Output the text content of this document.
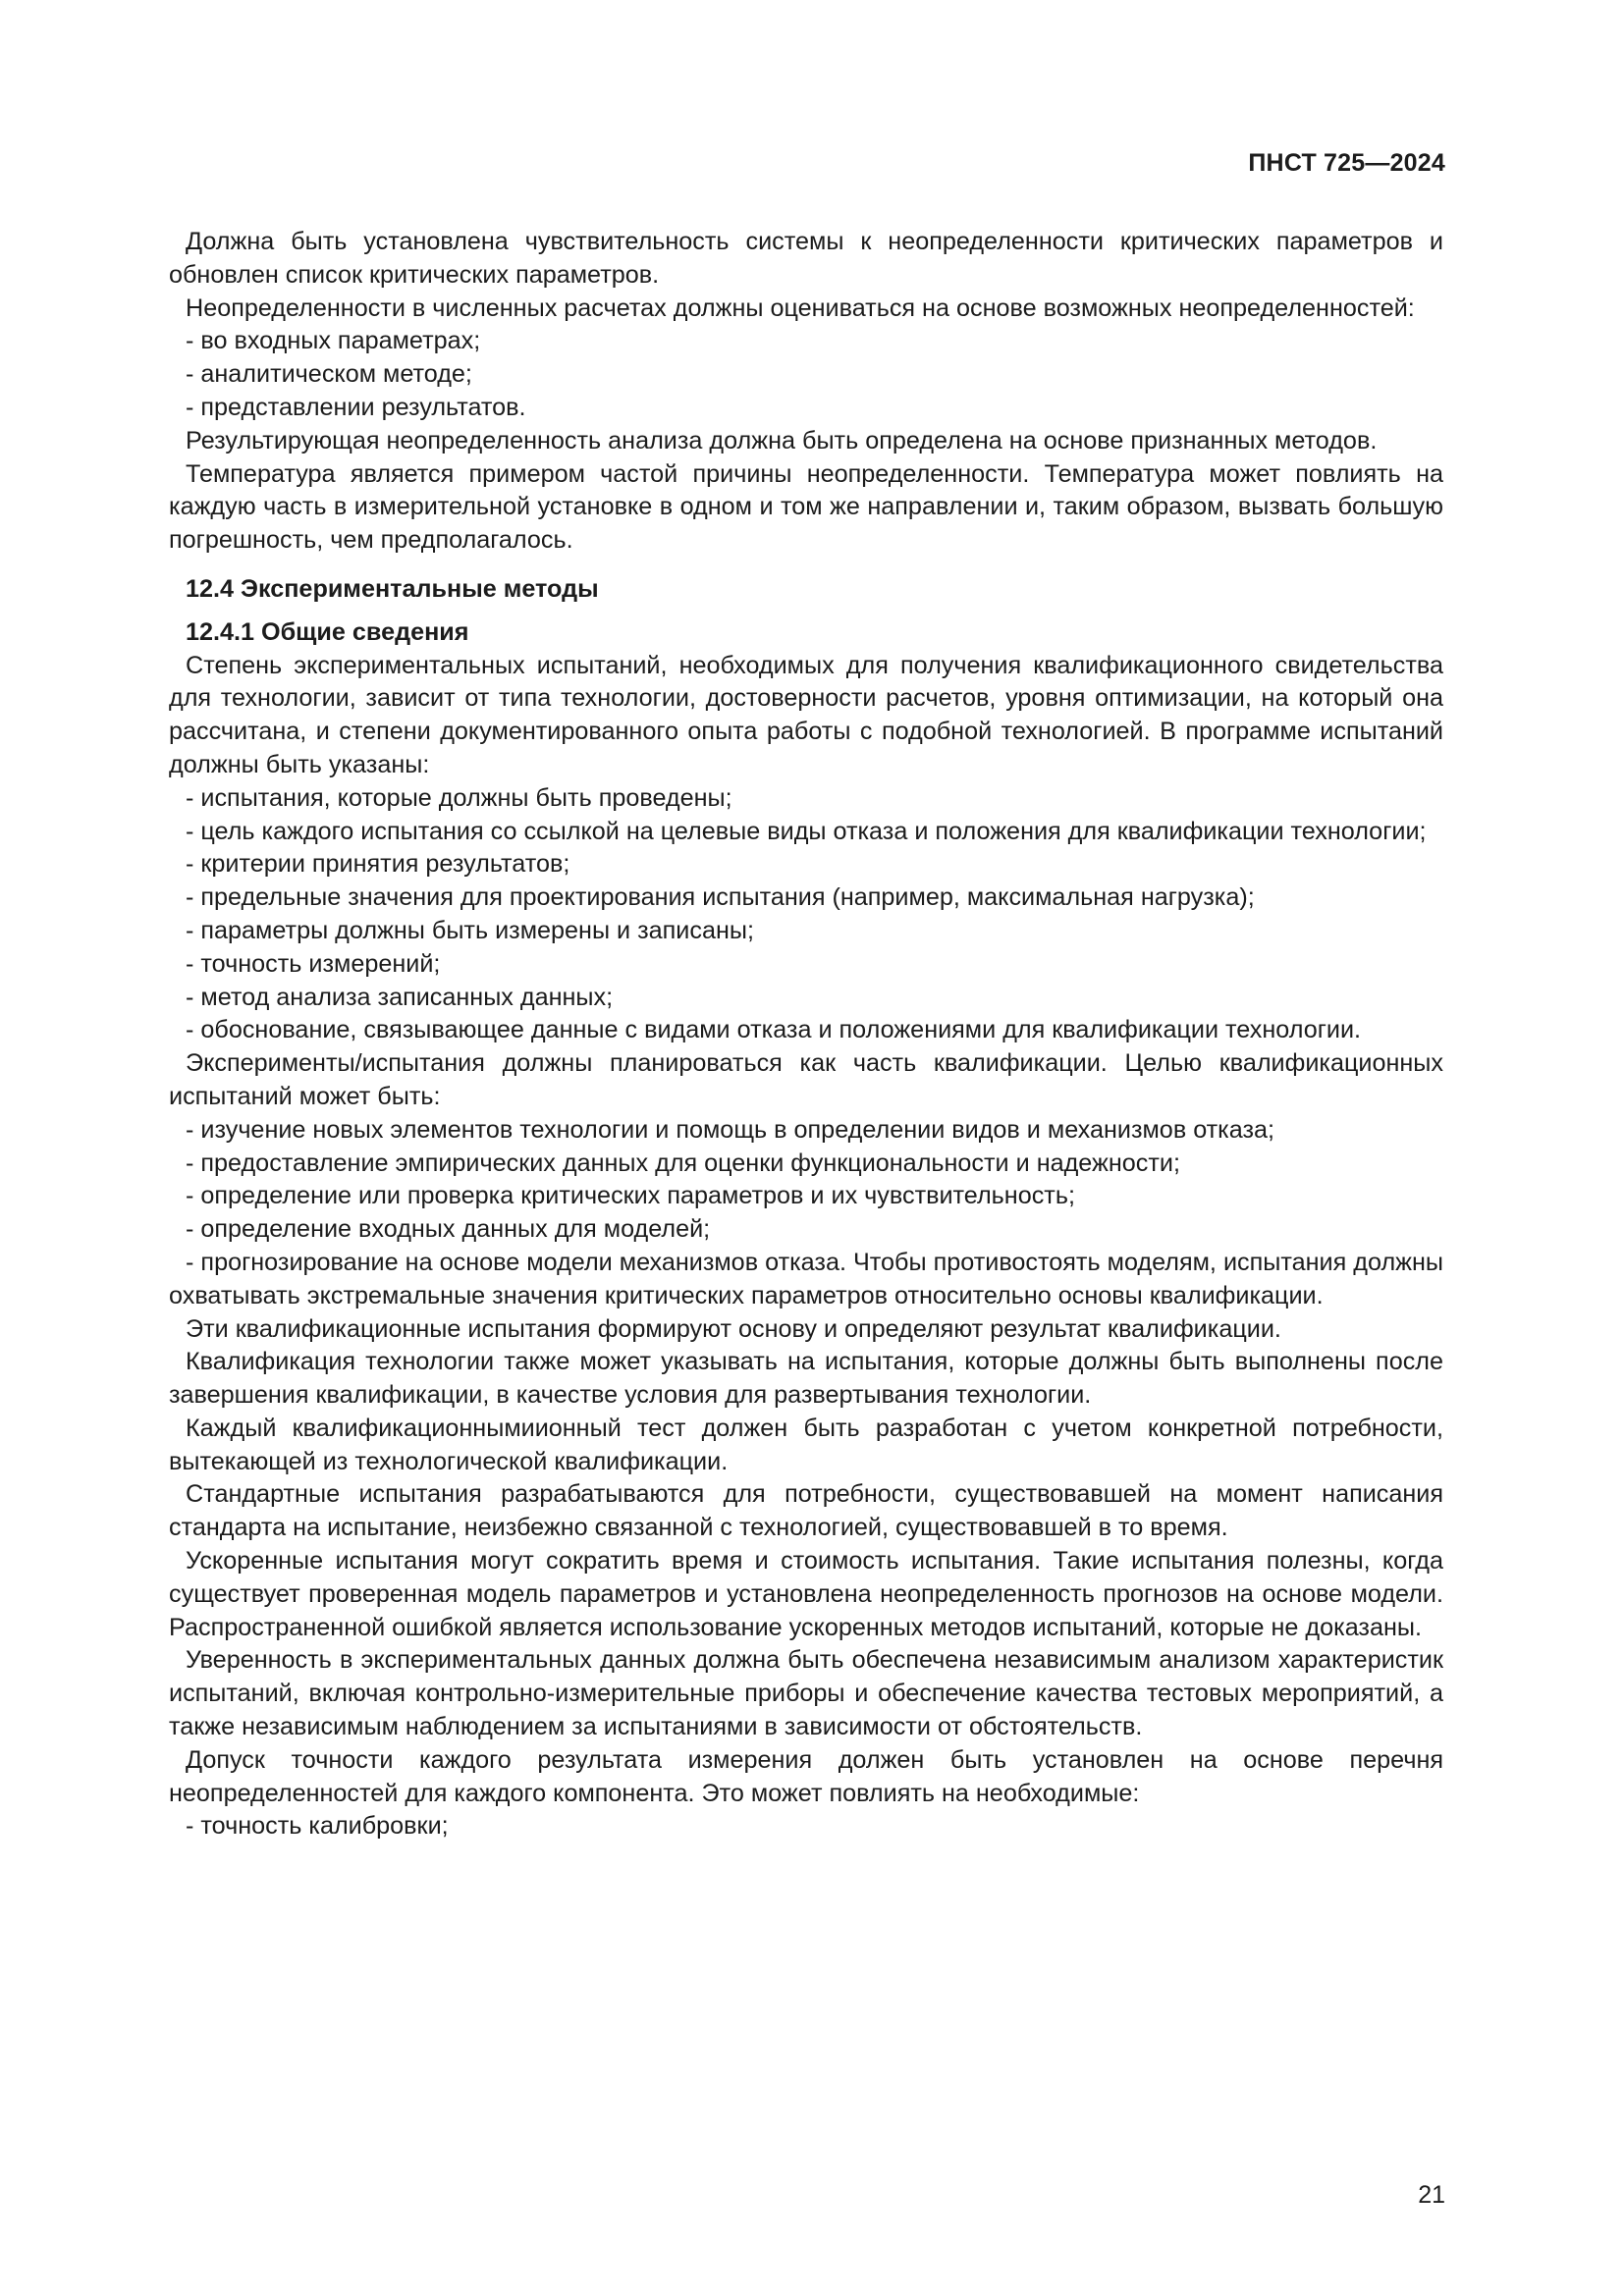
ПНСТ 725—2024

Должна быть установлена чувствительность системы к неопределенности критических параметров и обновлен список критических параметров.

Неопределенности в численных расчетах должны оцениваться на основе возможных неопределенностей:

- во входных параметрах;

- аналитическом методе;

- представлении результатов.

Результирующая неопределенность анализа должна быть определена на основе признанных методов.

Температура является примером частой причины неопределенности. Температура может повлиять на каждую часть в измерительной установке в одном и том же направлении и, таким образом, вызвать большую погрешность, чем предполагалось.

12.4 Экспериментальные методы
12.4.1 Общие сведения

Степень экспериментальных испытаний, необходимых для получения квалификационного свидетельства для технологии, зависит от типа технологии, достоверности расчетов, уровня оптимизации, на который она рассчитана, и степени документированного опыта работы с подобной технологией. В программе испытаний должны быть указаны:

- испытания, которые должны быть проведены;

- цель каждого испытания со ссылкой на целевые виды отказа и положения для квалификации технологии;

- критерии принятия результатов;

- предельные значения для проектирования испытания (например, максимальная нагрузка);

- параметры должны быть измерены и записаны;

- точность измерений;

- метод анализа записанных данных;

- обоснование, связывающее данные с видами отказа и положениями для квалификации технологии.

Эксперименты/испытания должны планироваться как часть квалификации. Целью квалификационных испытаний может быть:

- изучение новых элементов технологии и помощь в определении видов и механизмов отказа;

- предоставление эмпирических данных для оценки функциональности и надежности;

- определение или проверка критических параметров и их чувствительность;

- определение входных данных для моделей;

- прогнозирование на основе модели механизмов отказа. Чтобы противостоять моделям, испытания должны охватывать экстремальные значения критических параметров относительно основы квалификации.

Эти квалификационные испытания формируют основу и определяют результат квалификации.

Квалификация технологии также может указывать на испытания, которые должны быть выполнены после завершения квалификации, в качестве условия для развертывания технологии.

Каждый квалификационнымиионный тест должен быть разработан с учетом конкретной потребности, вытекающей из технологической квалификации.

Стандартные испытания разрабатываются для потребности, существовавшей на момент написания стандарта на испытание, неизбежно связанной с технологией, существовавшей в то время.

Ускоренные испытания могут сократить время и стоимость испытания. Такие испытания полезны, когда существует проверенная модель параметров и установлена неопределенность прогнозов на основе модели. Распространенной ошибкой является использование ускоренных методов испытаний, которые не доказаны.

Уверенность в экспериментальных данных должна быть обеспечена независимым анализом характеристик испытаний, включая контрольно-измерительные приборы и обеспечение качества тестовых мероприятий, а также независимым наблюдением за испытаниями в зависимости от обстоятельств.

Допуск точности каждого результата измерения должен быть установлен на основе перечня неопределенностей для каждого компонента. Это может повлиять на необходимые:

- точность калибровки;

21
